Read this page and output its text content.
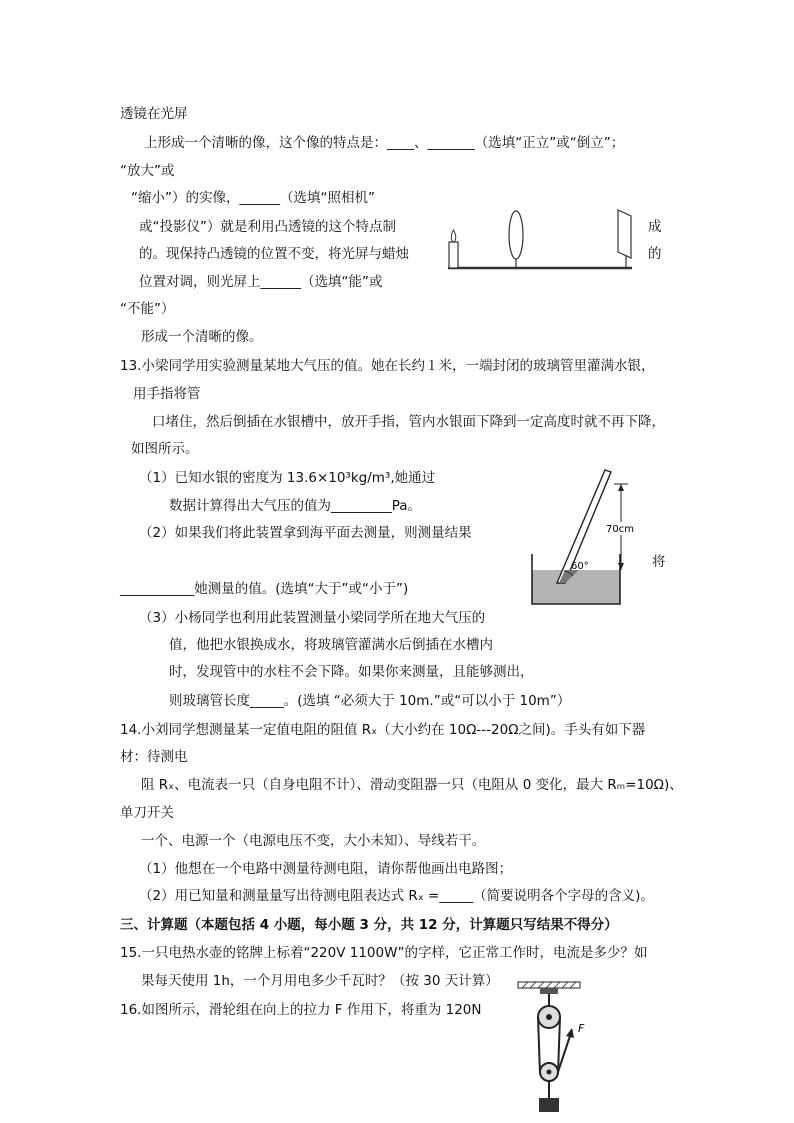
透镜在光屏
上形成一个清晰的像，这个像的特点是：____、_______（选填“正立”或“倒立”；
“放大”或
“缩小”）的实像，______（选填“照相机”
或“投影仪”）就是利用凸透镜的这个特点制	成
的。现保持凸透镜的位置不变，将光屏与蜡烛	的
位置对调，则光屏上______（选填“能”或
“不能”）
形成一个清晰的像。
13.小梁同学用实验测量某地大气压的值。她在长约１米，一端封闭的玻璃管里灌满水银，
用手指将管
口堵住，然后倒插在水银槽中，放开手指，管内水银面下降到一定高度时就不再下降，
如图所示。
（1）已知水银的密度为 13.6×10³kg/m³,她通过
数据计算得出大气压的值为_________Pa。
（2）如果我们将此装置拿到海平面去测量，则测量结果
将
___________她测量的值。(选填“大于”或“小于”)
（3）小杨同学也利用此装置测量小梁同学所在地大气压的
值，他把水银换成水，将玻璃管灌满水后倒插在水槽内
时，发现管中的水柱不会下降。如果你来测量，且能够测出，
则玻璃管长度_____。(选填 “必须大于 10m.”或“可以小于 10m”）
14.小刘同学想测量某一定值电阻的阻值 Rₓ（大小约在 10Ω---20Ω之间)。手头有如下器
材：待测电
阻 Rₓ、电流表一只（自身电阻不计）、滑动变阻器一只（电阻从 0 变化，最大 Rₘ=10Ω)、
单刀开关
一个、电源一个（电源电压不变，大小未知）、导线若干。
（1）他想在一个电路中测量待测电阻，请你帮他画出电路图；
（2）用已知量和测量量写出待测电阻表达式 Rₓ =_____（简要说明各个字母的含义)。
三、计算题（本题包括 4 小题，每小题 3 分，共 12 分，计算题只写结果不得分）
15.一只电热水壶的铭牌上标着“220V 1100W”的字样，它正常工作时，电流是多少？如
果每天使用 1h，一个月用电多少千瓦时？（按 30 天计算）
16.如图所示，滑轮组在向上的拉力 F 作用下，将重为 120N
60°
70cm
F
